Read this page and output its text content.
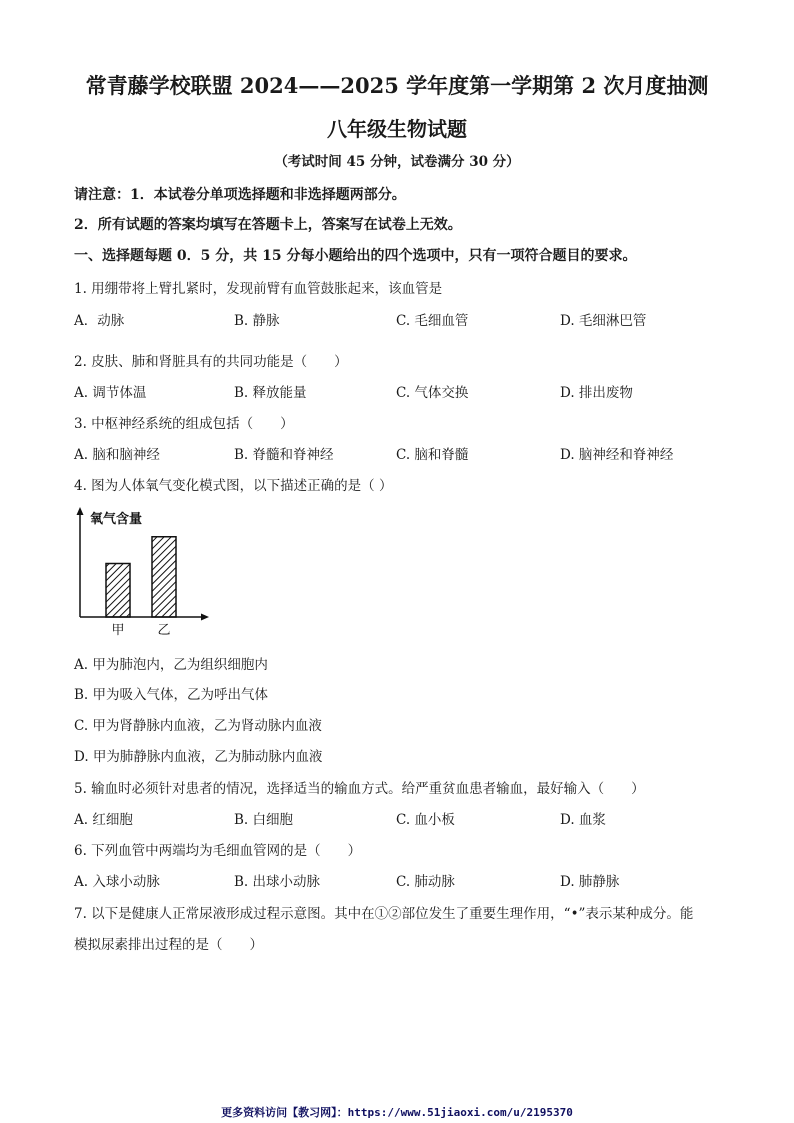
常青藤学校联盟 2024——2025 学年度第一学期第 2 次月度抽测
八年级生物试题
（考试时间 45 分钟，试卷满分 30 分）
请注意：1．本试卷分单项选择题和非选择题两部分。
2．所有试题的答案均填写在答题卡上，答案写在试卷上无效。
一、选择题每题 0．5 分，共 15 分每小题给出的四个选项中，只有一项符合题目的要求。
1. 用绷带将上臂扎紧时，发现前臂有血管鼓胀起来，该血管是
A．动脉	B. 静脉	C. 毛细血管	D. 毛细淋巴管
2. 皮肤、肺和肾脏具有的共同功能是（　　）
A. 调节体温	B. 释放能量	C. 气体交换	D. 排出废物
3. 中枢神经系统的组成包括（　　）
A. 脑和脑神经	B. 脊髓和脊神经	C. 脑和脊髓	D. 脑神经和脊神经
4. 图为人体氧气变化模式图，以下描述正确的是（ ）
氧气含量
甲	乙
A. 甲为肺泡内，乙为组织细胞内
B. 甲为吸入气体，乙为呼出气体
C. 甲为肾静脉内血液，乙为肾动脉内血液
D. 甲为肺静脉内血液，乙为肺动脉内血液
5. 输血时必须针对患者的情况，选择适当的输血方式。给严重贫血患者输血，最好输入（　　）
A. 红细胞	B. 白细胞	C. 血小板	D. 血浆
6. 下列血管中两端均为毛细血管网的是（　　）
A. 入球小动脉	B. 出球小动脉	C. 肺动脉	D. 肺静脉
7. 以下是健康人正常尿液形成过程示意图。其中在①②部位发生了重要生理作用，“•”表示某种成分。能
模拟尿素排出过程的是（　　）
更多资料访问【教习网】：https://www.51jiaoxi.com/u/2195370
